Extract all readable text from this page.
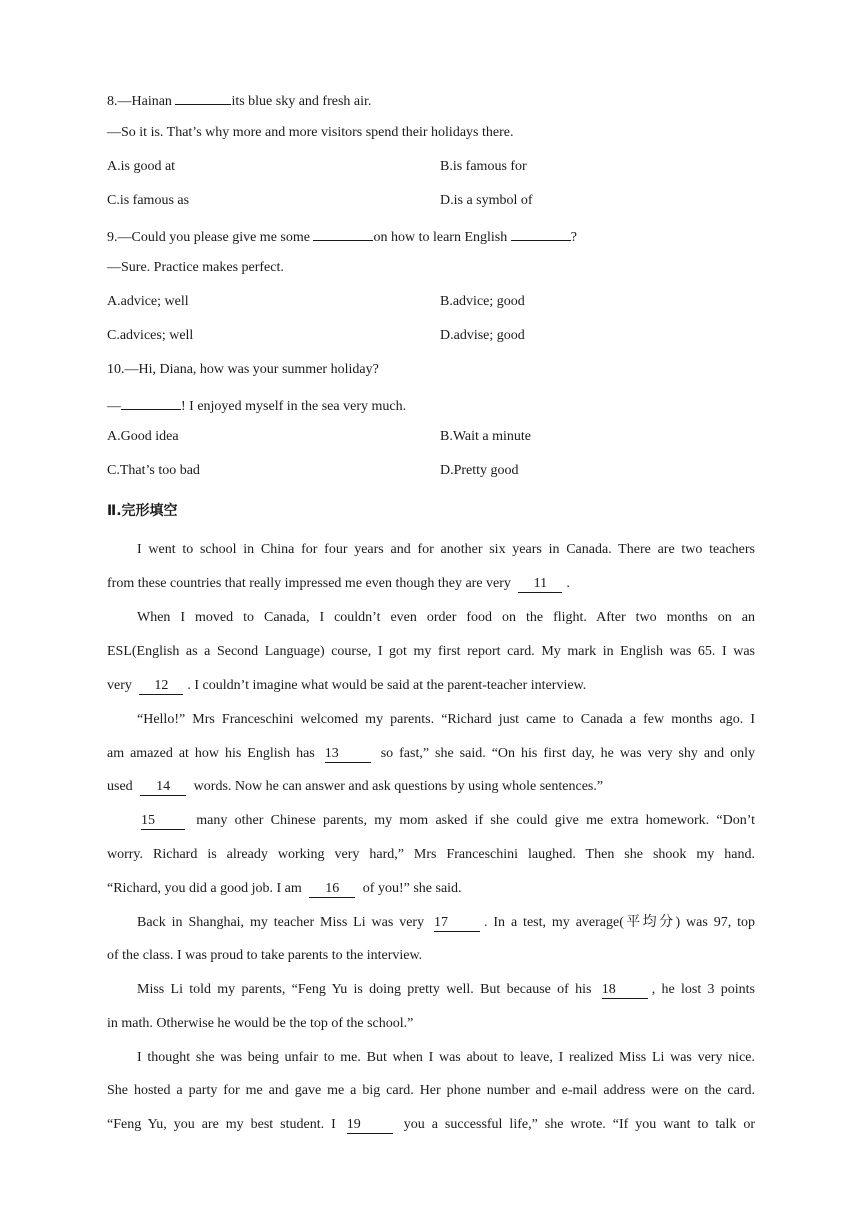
8.—Hainan	its blue sky and fresh air.
—So it is. That’s why more and more visitors spend their holidays there.
A.is good at	B.is famous for
C.is famous as	D.is a symbol of
9.—Could you please give me some	on how to learn English	?
—Sure. Practice makes perfect.
A.advice; well	B.advice; good
C.advices; well	D.advise; good
10.—Hi, Diana, how was your summer holiday?
—	! I enjoyed myself in the sea very much.
A.Good idea	B.Wait a minute
C.That’s too bad	D.Pretty good
Ⅱ.完形填空
I went to school in China for four years and for another six years in Canada. There are two teachers
from these countries that really impressed me even though they are very 11 .
When I moved to Canada, I couldn’t even order food on the flight. After two months on an
ESL(English as a Second Language) course, I got my first report card. My mark in English was 65. I was
very 12 . I couldn’t imagine what would be said at the parent-teacher interview.
“Hello!” Mrs Franceschini welcomed my parents. “Richard just came to Canada a few months ago. I
am amazed at how his English has 13	so fast,” she said. “On his first day, he was very shy and only
used 14 words. Now he can answer and ask questions by using whole sentences.”
15 many other Chinese parents, my mom asked if she could give me extra homework. “Don’t
worry. Richard is already working very hard,” Mrs Franceschini laughed. Then she shook my hand.
“Richard, you did a good job. I am 16 of you!” she said.
Back in Shanghai, my teacher Miss Li was very 17	. In a test, my average(平均分) was 97, top
of the class. I was proud to take parents to the interview.
Miss Li told my parents, “Feng Yu is doing pretty well. But because of his 18	, he lost 3 points
in math. Otherwise he would be the top of the school.”
I thought she was being unfair to me. But when I was about to leave, I realized Miss Li was very nice.
She hosted a party for me and gave me a big card. Her phone number and e-mail address were on the card.
“Feng Yu, you are my best student. I 19	you a successful life,” she wrote. “If you want to talk or
